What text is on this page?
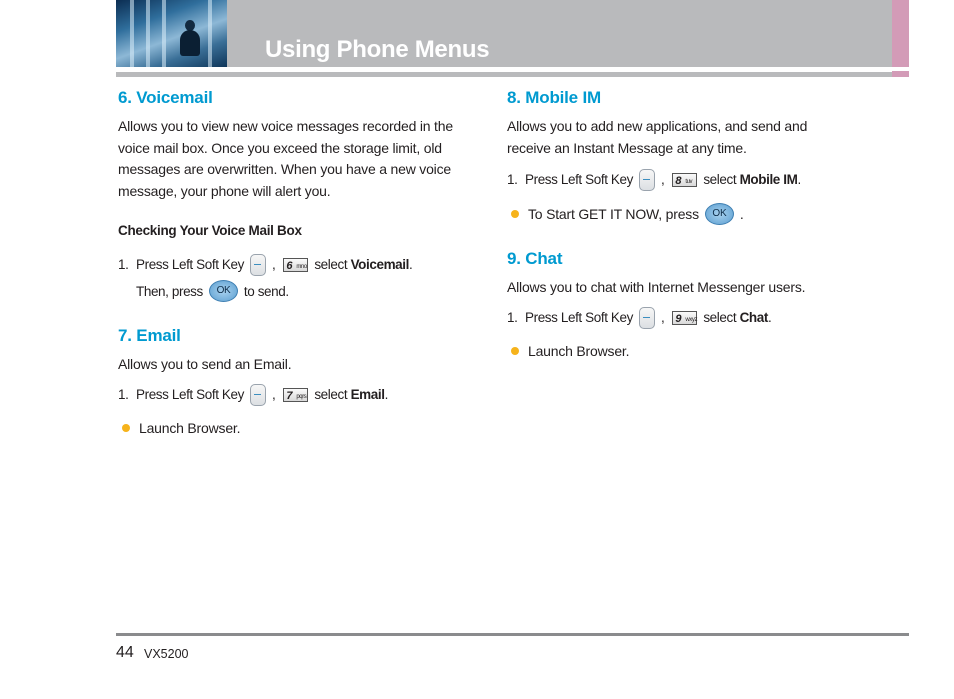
Using Phone Menus
6. Voicemail

Allows you to view new voice messages recorded in the voice mail box. Once you exceed the storage limit, old messages are overwritten. When you have a new voice message, your phone will alert you.

Checking Your Voice Mail Box
1. Press Left Soft Key , 6 mno select
Voicemail .
Then, press	OK	to send.
7. Email

Allows you to send an Email.

1. Press Left Soft Key , 7 pqrs select
Email .
Launch Browser.
8. Mobile IM

Allows you to add new applications, and send and receive an Instant Message at any time.

1. Press Left Soft Key , 8 tuv select
Mobile IM .
To Start GET IT NOW, press	OK .
9. Chat

Allows you to chat with Internet Messenger users.

1. Press Left Soft Key , 9 wxyz select
Chat .
Launch Browser.
44 VX5200
